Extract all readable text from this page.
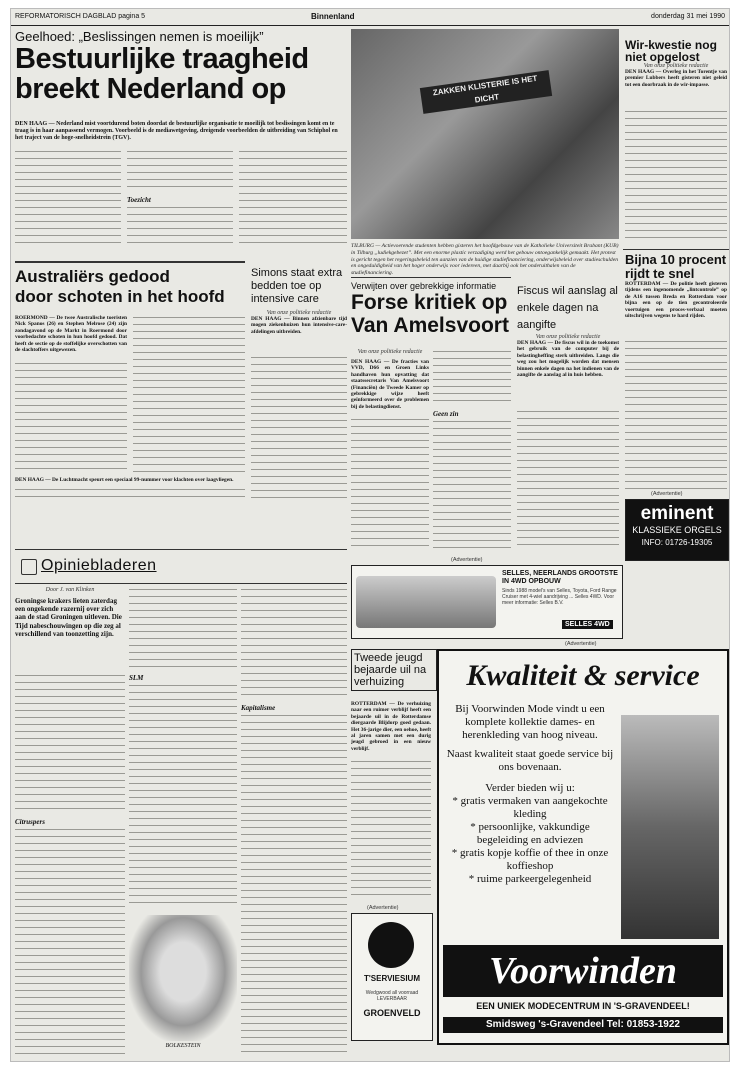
REFORMATORISCH DAGBLAD pagina 5	Binnenland	donderdag 31 mei 1990
Geelhoed: „Beslissingen nemen is moeilijk”
Bestuurlijke traagheid
breekt Nederland op
DEN HAAG — Nederland mist voortdurend boten doordat de bestuurlijke organisatie te moeilijk tot beslissingen komt en te traag is in haar aanpassend vermogen. Voorbeeld is de mediawetgeving, dreigende voorbeelden de uitbreiding van Schiphol en het traject van de hoge-snelheidstrein (TGV).
Toezicht
ZAKKEN KLISTERIE IS HET DICHT
TILBURG — Actievoerende studenten hebben gisteren het hoofdgebouw van de Katholieke Universiteit Brabant (KUB) in Tilburg „ludiekgebezet”. Met een enorme plastic verzadiging werd het gebouw ontoegankelijk gemaakt. Het protest is gericht tegen het regeringsbeleid ten aanzien van de huidige studiefinanciering, onderwijsbeleid over studieschulden en ongeduldigheid van het hoger onderwijs voor iedereen, met daarbij ook het onderuithalen van de studiefinanciering.
Wir-kwestie nog niet opgelost
Van onze politieke redactie
DEN HAAG — Overleg in het Torentje van premier Lubbers heeft gisteren niet geleid tot een doorbraak in de wir-impasse.
Bijna 10 procent rijdt te snel
ROTTERDAM — De politie heeft gisteren tijdens een ingenomende „lintcontrole” op de A16 tussen Breda en Rotterdam voor bijna een op de tien gecontroleerde voertuigen een proces-verbaal moeten uitschrijven wegens te hard rijden.
(Advertentie)
eminent
KLASSIEKE ORGELS
INFO: 01726-19305
Australiërs gedood
door schoten in het hoofd
ROERMOND — De twee Australische toeristen Nick Spanos (26) en Stephen Melrose (24) zijn zondagavond op de Markt in Roermond door voorbedachte schoten in hun hoofd gedood. Dat heeft de sectie op de stoffelijke overschotten van de slachtoffers uitgewezen.
DEN HAAG — De Luchtmacht speurt een speciaal 99-nummer voor klachten over laagvliegen.
Simons staat extra bedden toe op intensive care
Van onze politieke redactie
DEN HAAG — Binnen afzienbare tijd mogen ziekenhuizen hun intensive-care-afdelingen uitbreiden.
Verwijten over gebrekkige informatie
Forse kritiek op
Van Amelsvoort
Van onze politieke redactie
DEN HAAG — De fracties van VVD, D66 en Groen Links handhaven hun opvatting dat staatssecretaris Van Amelsvoort (Financiën) de Tweede Kamer op gebrekkige wijze heeft geïnformeerd over de problemen bij de belastingdienst.
Geen zin
Fiscus wil aanslag al enkele dagen na aangifte
Van onze politieke redactie
DEN HAAG — De fiscus wil in de toekomst het gebruik van de computer bij de belastingheffing sterk uitbreiden. Langs die weg zou het mogelijk worden dat mensen binnen enkele dagen na het indienen van de aangifte de aanslag al in huis hebben.
Opiniebladeren
Door J. van Klinken
Groningse krakers lieten zaterdag een ongekende razernij over zich aan de stad Groningen uitleven. Die Tijd nabeschouwingen op die zeg al verschillend van toonzetting zijn.
Citruspers
SLM
BOLKESTEIN
Kapitalisme
(Advertentie)
SELLES, NEERLANDS GROOTSTE IN 4WD OPBOUW
Sinds 1988 model's van Selles, Toyota, Ford Range Cruiser met 4-wiel aandrijving ... Selles 4WD. Voor meer informatie: Selles B.V.
SELLES 4WD
Tweede jeugd bejaarde uil na verhuizing
ROTTERDAM — De verhuizing naar een ruimer verblijf heeft een bejaarde uil in de Rotterdamse diergaarde Blijdorp goed gedaan. Het 36-jarige dier, een oehoe, heeft al jaren samen met een durig jeugd gebroed in een nieuw verblijf.
(Advertentie)
T'SERVIESIUM
Wedgwood all voorraad LEVERBAAR
GROENVELD
(Advertentie)
Kwaliteit & service
Bij Voorwinden Mode vindt u een komplete kollektie dames- en herenkleding van hoog niveau.
Naast kwaliteit staat goede service bij ons bovenaan.
Verder bieden wij u:
* gratis vermaken van aangekochte kleding
* persoonlijke, vakkundige begeleiding en adviezen
* gratis kopje koffie of thee in onze koffieshop
* ruime parkeergelegenheid
Voorwinden
EEN UNIEK MODECENTRUM IN 'S-GRAVENDEEL!
Smidsweg 's-Gravendeel Tel: 01853-1922
